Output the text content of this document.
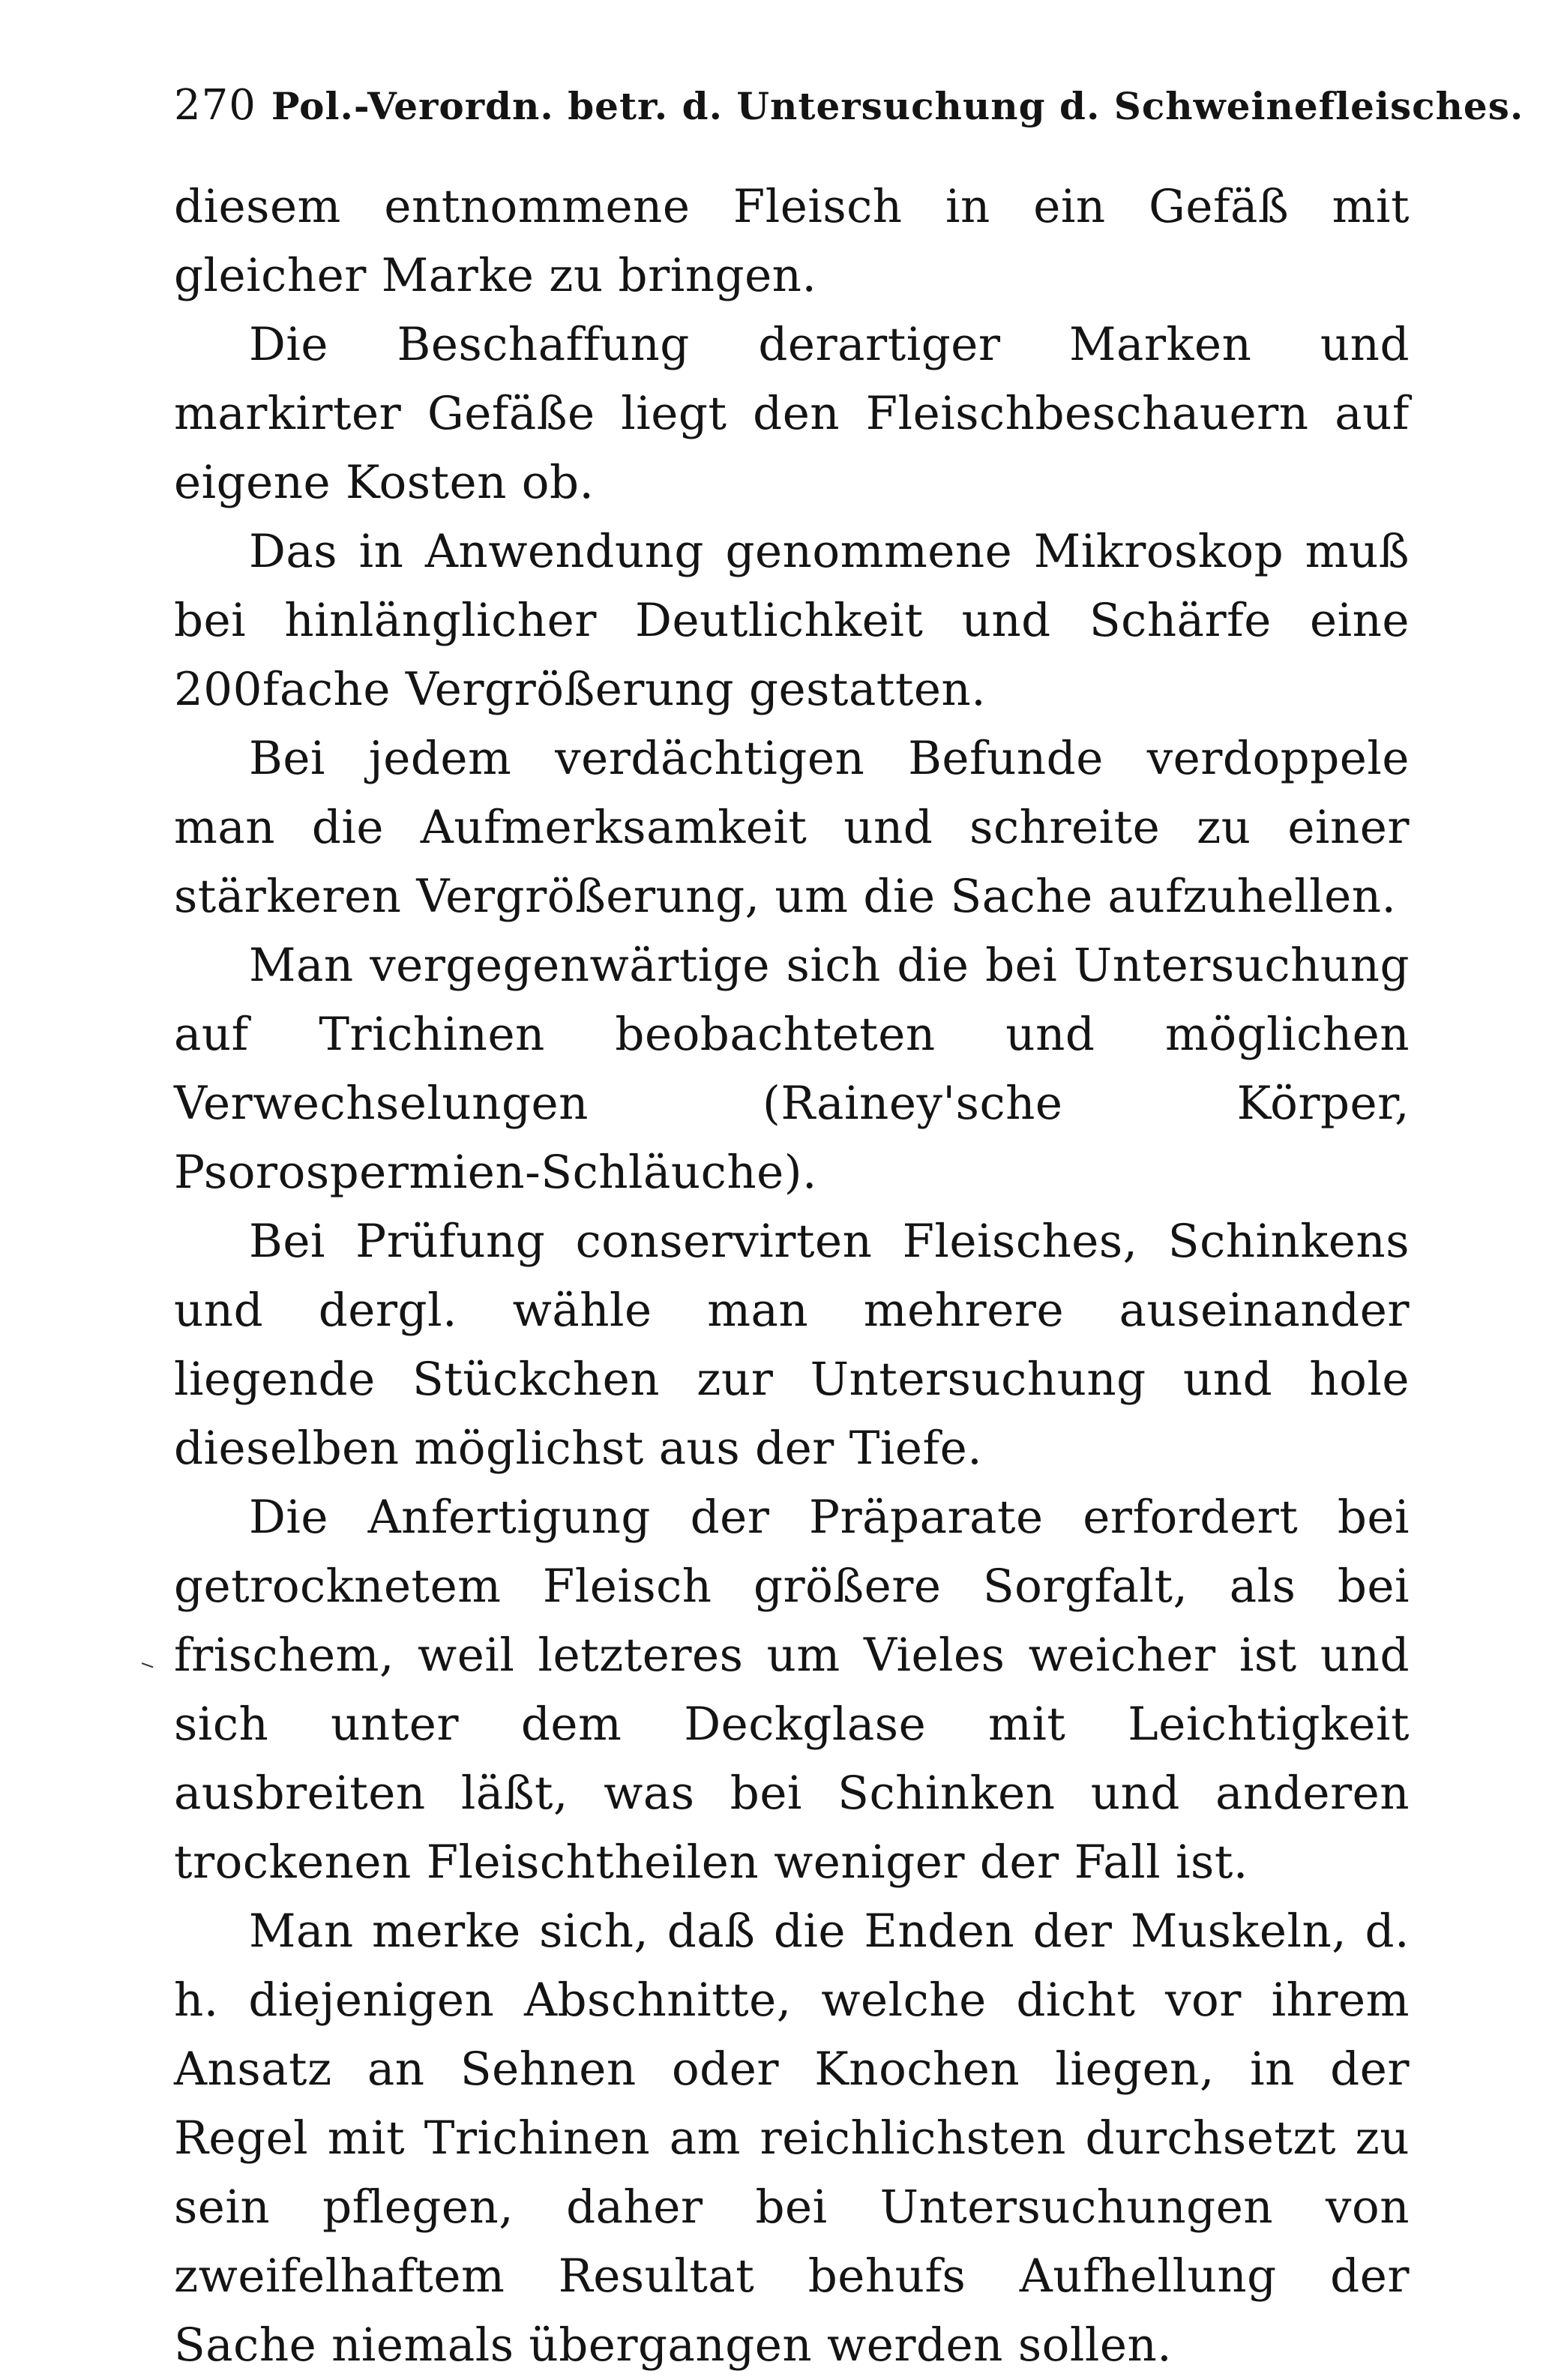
270 Pol.-Verordn. betr. d. Untersuchung d. Schweinefleisches.

diesem entnommene Fleisch in ein Gefäß mit gleicher Marke zu bringen.

Die Beschaffung derartiger Marken und markirter Gefäße liegt den Fleischbeschauern auf eigene Kosten ob.

Das in Anwendung genommene Mikroskop muß bei hinlänglicher Deutlichkeit und Schärfe eine 200fache Vergrößerung gestatten.

Bei jedem verdächtigen Befunde verdoppele man die Aufmerksamkeit und schreite zu einer stärkeren Vergrößerung, um die Sache aufzuhellen.

Man vergegenwärtige sich die bei Untersuchung auf Trichinen beobachteten und möglichen Verwechselungen (Rainey'sche Körper, Psorospermien-Schläuche).

Bei Prüfung conservirten Fleisches, Schinkens und dergl. wähle man mehrere auseinander liegende Stückchen zur Untersuchung und hole dieselben möglichst aus der Tiefe.

Die Anfertigung der Präparate erfordert bei getrocknetem Fleisch größere Sorgfalt, als bei frischem, weil letzteres um Vieles weicher ist und sich unter dem Deckglase mit Leichtigkeit ausbreiten läßt, was bei Schinken und anderen trockenen Fleischtheilen weniger der Fall ist.

Man merke sich, daß die Enden der Muskeln, d. h. diejenigen Abschnitte, welche dicht vor ihrem Ansatz an Sehnen oder Knochen liegen, in der Regel mit Trichinen am reichlichsten durchsetzt zu sein pflegen, daher bei Untersuchungen von zweifelhaftem Resultat behufs Aufhellung der Sache niemals übergangen werden sollen.
